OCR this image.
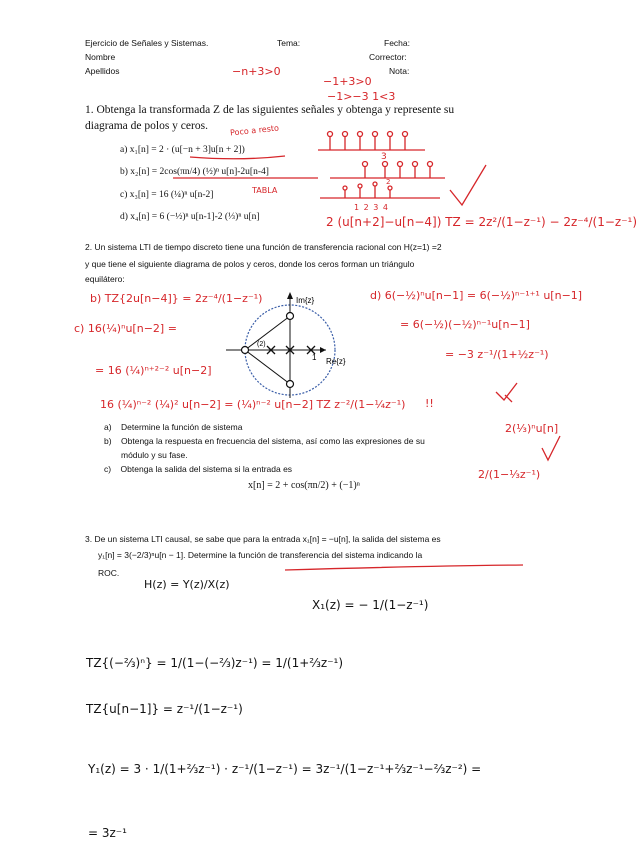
Ejercicio de Señales y Sistemas.	Tema:	Fecha:
Nombre	Corrector:
Apellidos	Nota:
−n+3>0
−1+3>0
−1>−3 1<3
1. Obtenga la transformada Z de las siguientes señales y obtenga y represente su
diagrama de polos y ceros.
a) x₁[n] = 2 · (u[−n + 3]u[n + 2])
b) x₂[n] = 2cos(πn/4) (½)ⁿ u[n]-2u[n-4]
c) x₃[n] = 16 (¼)ⁿ u[n-2]
d) x₄[n] = 6 (−½)ⁿ u[n-1]-2 (⅓)ⁿ u[n]
Poco a resto
TABLA
3
2
1 2 3 4
2 (u[n+2]−u[n−4]) TZ = 2z²/(1−z⁻¹) − 2z⁻⁴/(1−z⁻¹)
2. Un sistema LTI de tiempo discreto tiene una función de transferencia racional con H(z=1) =2
y que tiene el siguiente diagrama de polos y ceros, donde los ceros forman un triángulo
equilátero:
Im{z}
Re{z}
1
(2)
b) TZ{2u[n−4]} = 2z⁻⁴/(1−z⁻¹)
c) 16(¼)ⁿu[n−2] =
= 16 (¼)ⁿ⁺²⁻² u[n−2]
16 (¼)ⁿ⁻² (¼)² u[n−2] = (¼)ⁿ⁻² u[n−2] TZ z⁻²/(1−¼z⁻¹) !!
d) 6(−½)ⁿu[n−1] = 6(−½)ⁿ⁻¹⁺¹ u[n−1]
= 6(−½)(−½)ⁿ⁻¹u[n−1]
= −3 z⁻¹/(1+½z⁻¹)
2(⅓)ⁿu[n]
2/(1−⅓z⁻¹)
a) Determine la función de sistema
b) Obtenga la respuesta en frecuencia del sistema, así como las expresiones de su
módulo y su fase.
c) Obtenga la salida del sistema si la entrada es
x[n] = 2 + cos(πn/2) + (−1)ⁿ
3. De un sistema LTI causal, se sabe que para la entrada x₁[n] = −u[n], la salida del sistema es
y₁[n] = 3(−2/3)ⁿu[n − 1]. Determine la función de transferencia del sistema indicando la
ROC.
H(z) = Y(z)/X(z)
X₁(z) = − 1/(1−z⁻¹)
TZ{(−⅔)ⁿ} = 1/(1−(−⅔)z⁻¹) = 1/(1+⅔z⁻¹)
TZ{u[n−1]} = z⁻¹/(1−z⁻¹)
Y₁(z) = 3 · 1/(1+⅔z⁻¹) · z⁻¹/(1−z⁻¹) = 3z⁻¹/(1−z⁻¹+⅔z⁻¹−⅔z⁻²) =
= 3z⁻¹
